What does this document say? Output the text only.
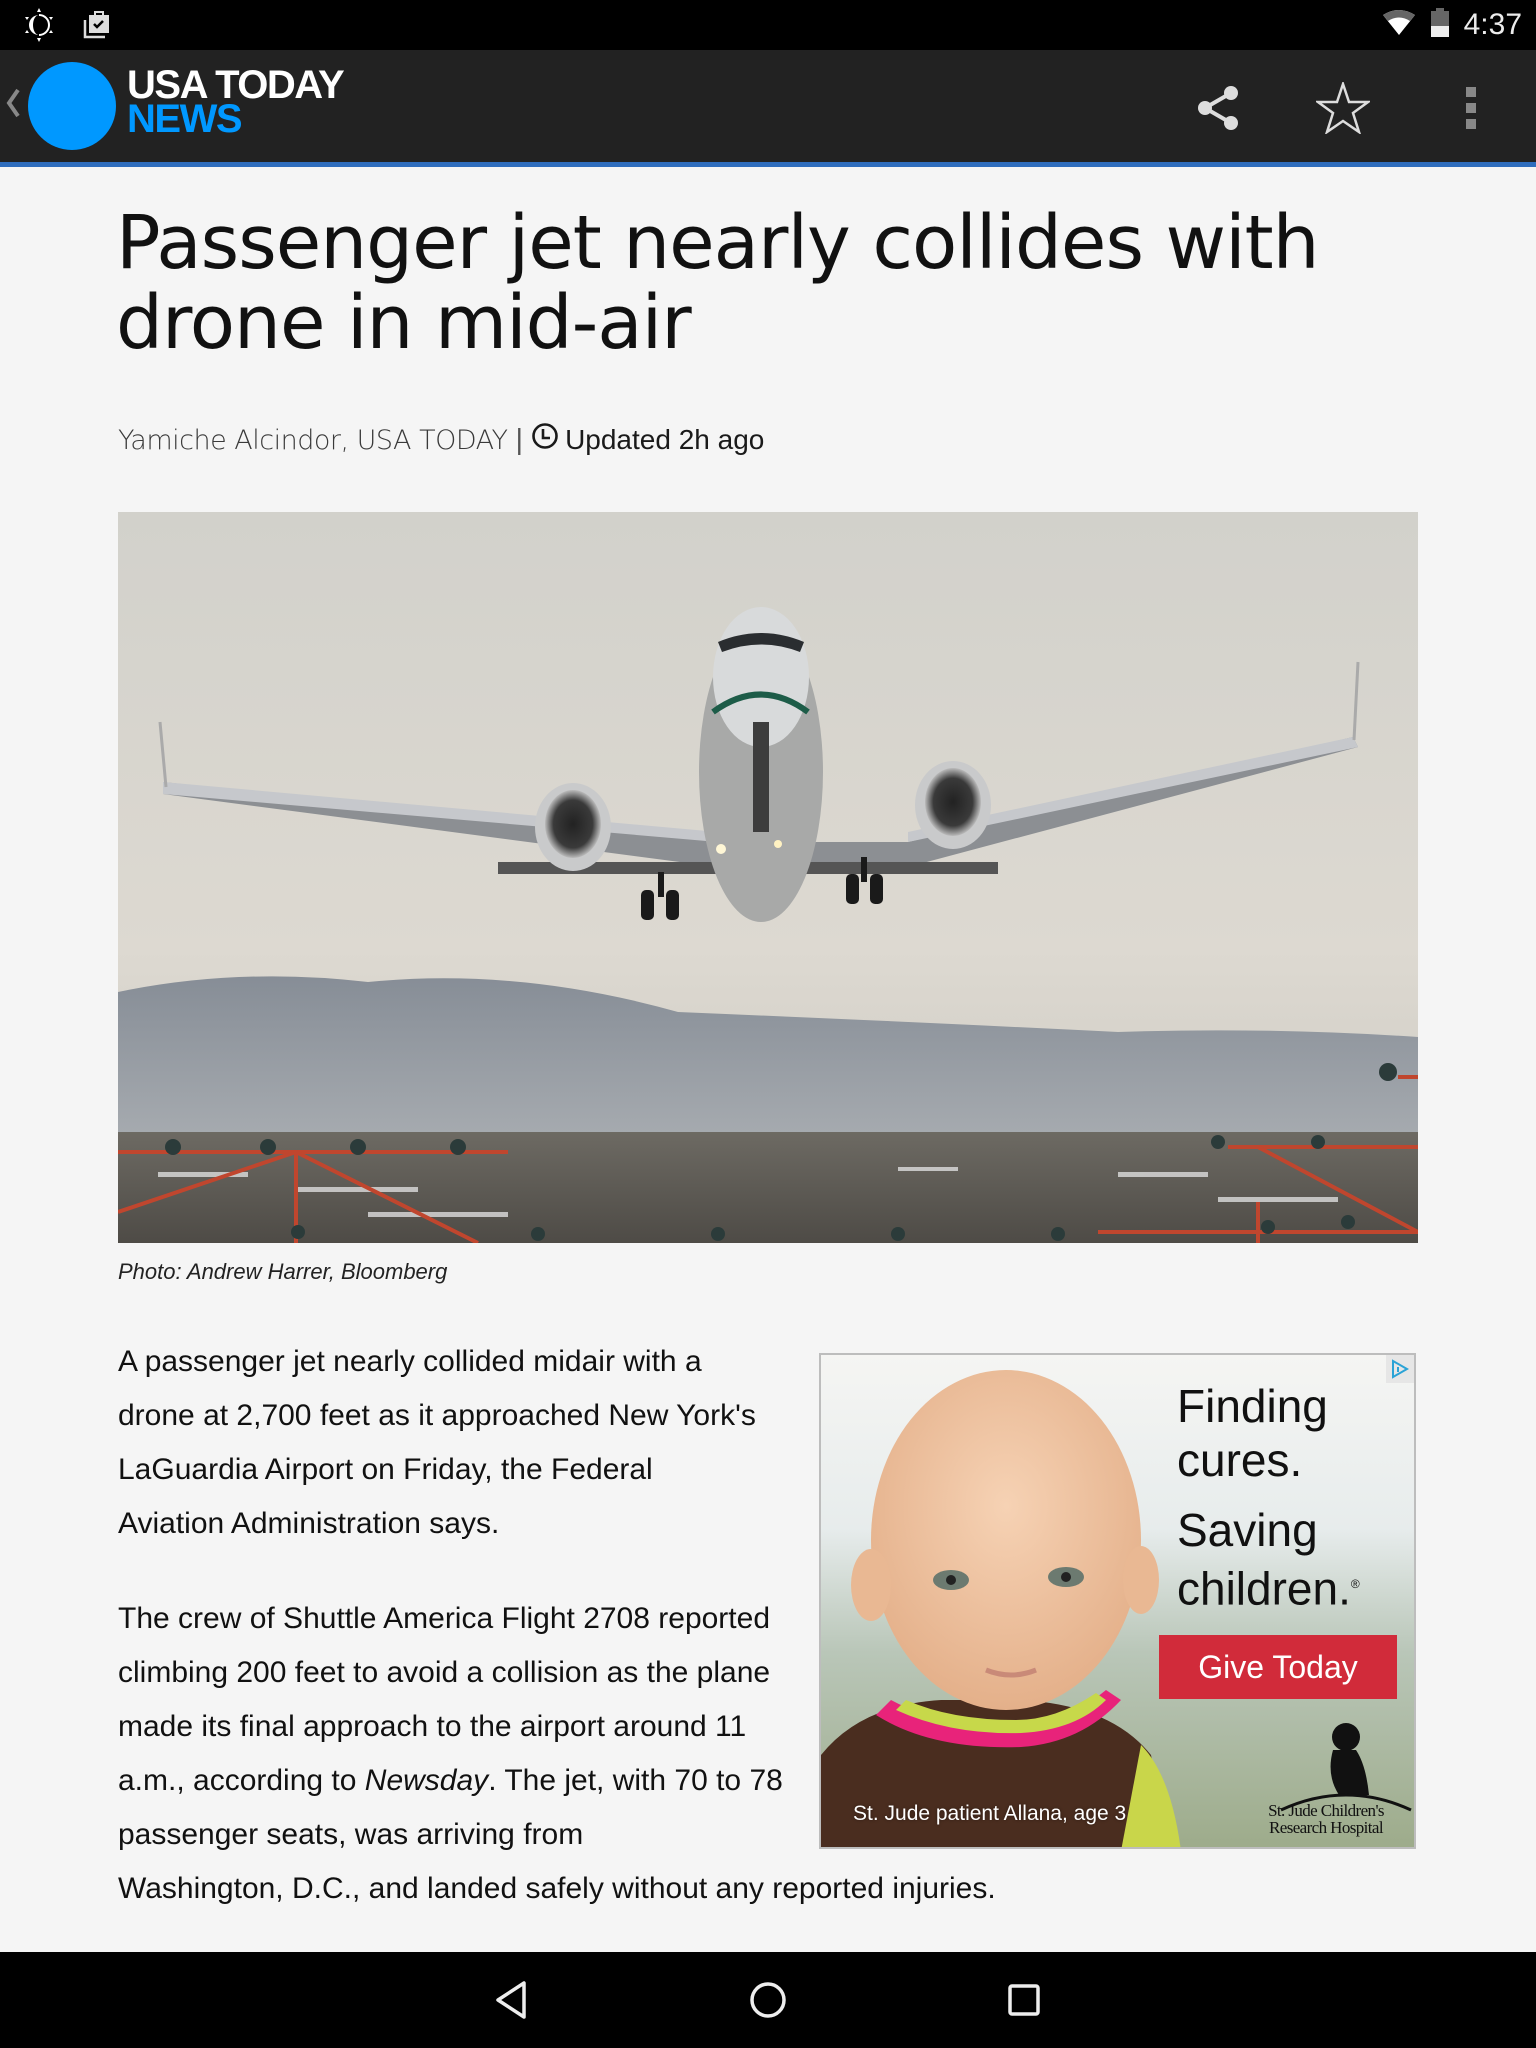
4:37
USA TODAY
NEWS
Passenger jet nearly collides with drone in mid-air
Yamiche Alcindor, USA TODAY | Updated 2h ago
Photo: Andrew Harrer, Bloomberg

A passenger jet nearly collided midair with a drone at 2,700 feet as it approached New York's LaGuardia Airport on Friday, the Federal Aviation Administration says.

The crew of Shuttle America Flight 2708 reported climbing 200 feet to avoid a collision as the plane made its final approach to the airport around 11 a.m., according to Newsday. The jet, with 70 to 78 passenger seats, was arriving from
Washington, D.C., and landed safely without any reported injuries.

Finding
cures.
Saving
children.®
Give Today
St. Jude patient Allana, age 3	St. Jude Children's
Research Hospital
